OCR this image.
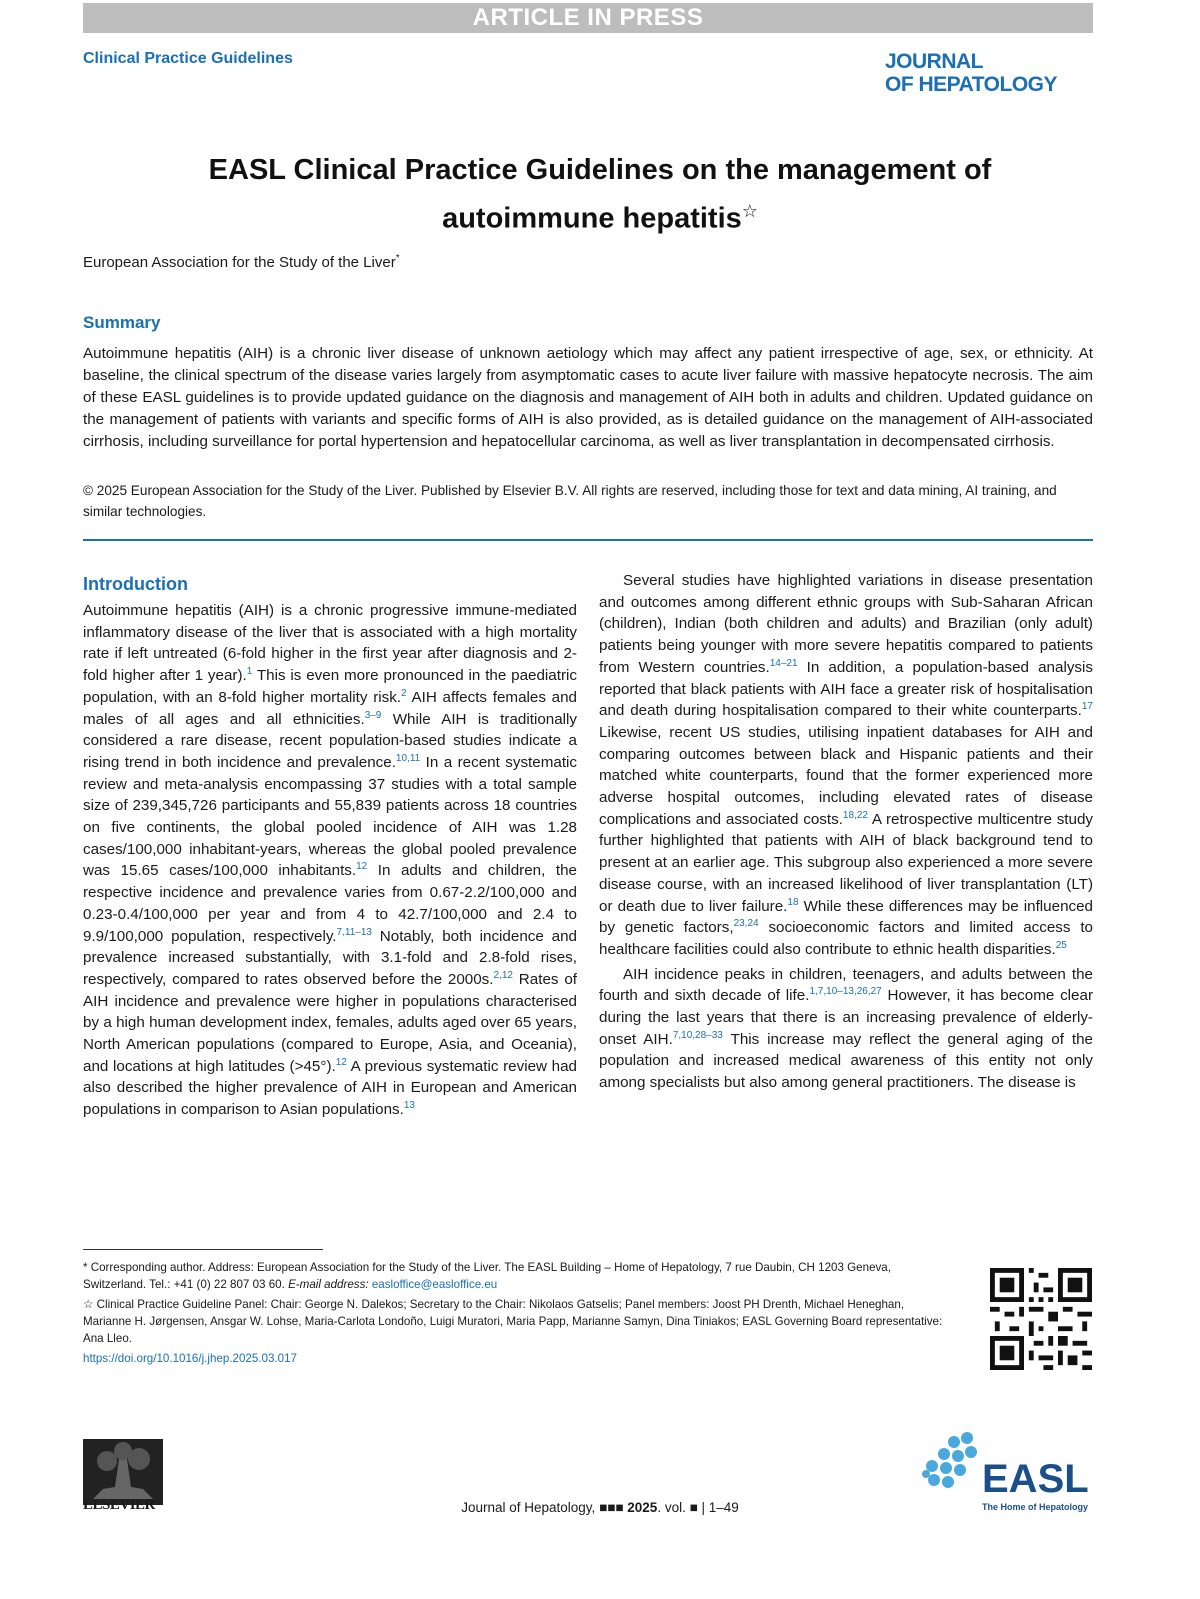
ARTICLE IN PRESS
Clinical Practice Guidelines	JOURNAL
OF HEPATOLOGY
EASL Clinical Practice Guidelines on the management of
autoimmune hepatitis☆
European Association for the Study of the Liver*
Summary
Autoimmune hepatitis (AIH) is a chronic liver disease of unknown aetiology which may affect any patient irrespective of age, sex, or ethnicity. At baseline, the clinical spectrum of the disease varies largely from asymptomatic cases to acute liver failure with massive hepatocyte necrosis. The aim of these EASL guidelines is to provide updated guidance on the diagnosis and management of AIH both in adults and children. Updated guidance on the management of patients with variants and specific forms of AIH is also provided, as is detailed guidance on the management of AIH-associated cirrhosis, including surveillance for portal hypertension and hepatocellular carcinoma, as well as liver transplantation in decompensated cirrhosis.
© 2025 European Association for the Study of the Liver. Published by Elsevier B.V. All rights are reserved, including those for text and data mining, AI training, and similar technologies.
Introduction

Autoimmune hepatitis (AIH) is a chronic progressive immune-mediated inflammatory disease of the liver that is associated with a high mortality rate if left untreated (6-fold higher in the first year after diagnosis and 2-fold higher after 1 year).$^1$ This is even more pronounced in the paediatric population, with an 8-fold higher mortality risk.$^2$ AIH affects females and males of all ages and all ethnicities.$^{3-9}$ While AIH is traditionally considered a rare disease, recent population-based studies indicate a rising trend in both incidence and prevalence.$^{10,11}$ In a recent systematic review and meta-analysis encompassing 37 studies with a total sample size of 239,345,726 participants and 55,839 patients across 18 countries on five continents, the global pooled incidence of AIH was 1.28 cases/100,000 inhabitant-years, whereas the global pooled prevalence was 15.65 cases/100,000 inhabitants.$^{12}$ In adults and children, the respective incidence and prevalence varies from 0.67-2.2/100,000 and 0.23-0.4/100,000 per year and from 4 to 42.7/100,000 and 2.4 to 9.9/100,000 population, respectively.$^{7,11-13}$ Notably, both incidence and prevalence increased substantially, with 3.1-fold and 2.8-fold rises, respectively, compared to rates observed before the 2000s.$^{2,12}$ Rates of AIH incidence and prevalence were higher in populations characterised by a high human development index, females, adults aged over 65 years, North American populations (compared to Europe, Asia, and Oceania), and locations at high latitudes (>45°).$^{12}$ A previous systematic review had also described the higher prevalence of AIH in European and American populations in comparison to Asian populations.$^{13}$

Several studies have highlighted variations in disease presentation and outcomes among different ethnic groups with Sub-Saharan African (children), Indian (both children and adults) and Brazilian (only adult) patients being younger with more severe hepatitis compared to patients from Western countries.$^{14-21}$ In addition, a population-based analysis reported that black patients with AIH face a greater risk of hospitalisation and death during hospitalisation compared to their white counterparts.$^{17}$ Likewise, recent US studies, utilising inpatient databases for AIH and comparing outcomes between black and Hispanic patients and their matched white counterparts, found that the former experienced more adverse hospital outcomes, including elevated rates of disease complications and associated costs.$^{18,22}$ A retrospective multicentre study further highlighted that patients with AIH of black background tend to present at an earlier age. This subgroup also experienced a more severe disease course, with an increased likelihood of liver transplantation (LT) or death due to liver failure.$^{18}$ While these differences may be influenced by genetic factors,$^{23,24}$ socioeconomic factors and limited access to healthcare facilities could also contribute to ethnic health disparities.$^{25}$

AIH incidence peaks in children, teenagers, and adults between the fourth and sixth decade of life.$^{1,7,10-13,26,27}$ However, it has become clear during the last years that there is an increasing prevalence of elderly-onset AIH.$^{7,10,28-33}$ This increase may reflect the general aging of the population and increased medical awareness of this entity not only among specialists but also among general practitioners. The disease is

* Corresponding author. Address: European Association for the Study of the Liver. The EASL Building – Home of Hepatology, 7 rue Daubin, CH 1203 Geneva, Switzerland. Tel.: +41 (0) 22 807 03 60. E-mail address: easloffice@easloffice.eu

☆ Clinical Practice Guideline Panel: Chair: George N. Dalekos; Secretary to the Chair: Nikolaos Gatselis; Panel members: Joost PH Drenth, Michael Heneghan, Marianne H. Jørgensen, Ansgar W. Lohse, Maria-Carlota Londoño, Luigi Muratori, Maria Papp, Marianne Samyn, Dina Tiniakos; EASL Governing Board representative: Ana Lleo.

https://doi.org/10.1016/j.jhep.2025.03.017

ELSEVIER	Journal of Hepatology, ■■■ 2025. vol. ■ | 1–49
EASL
The Home of Hepatology
